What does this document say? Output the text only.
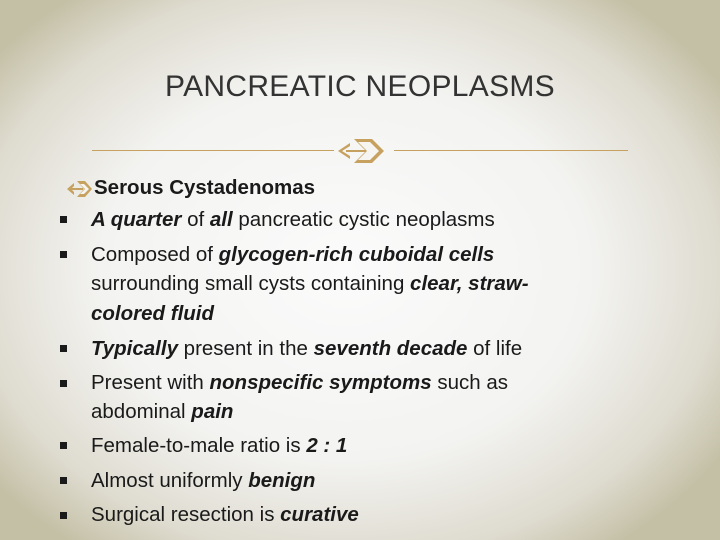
PANCREATIC NEOPLASMS
Serous Cystadenomas
A quarter of all pancreatic cystic neoplasms
Composed of glycogen-rich cuboidal cells
surrounding small cysts containing clear, straw-
colored fluid
Typically present in the seventh decade of life
Present with nonspecific symptoms such as
abdominal pain
Female-to-male ratio is 2 : 1
Almost uniformly benign
Surgical resection is curative
